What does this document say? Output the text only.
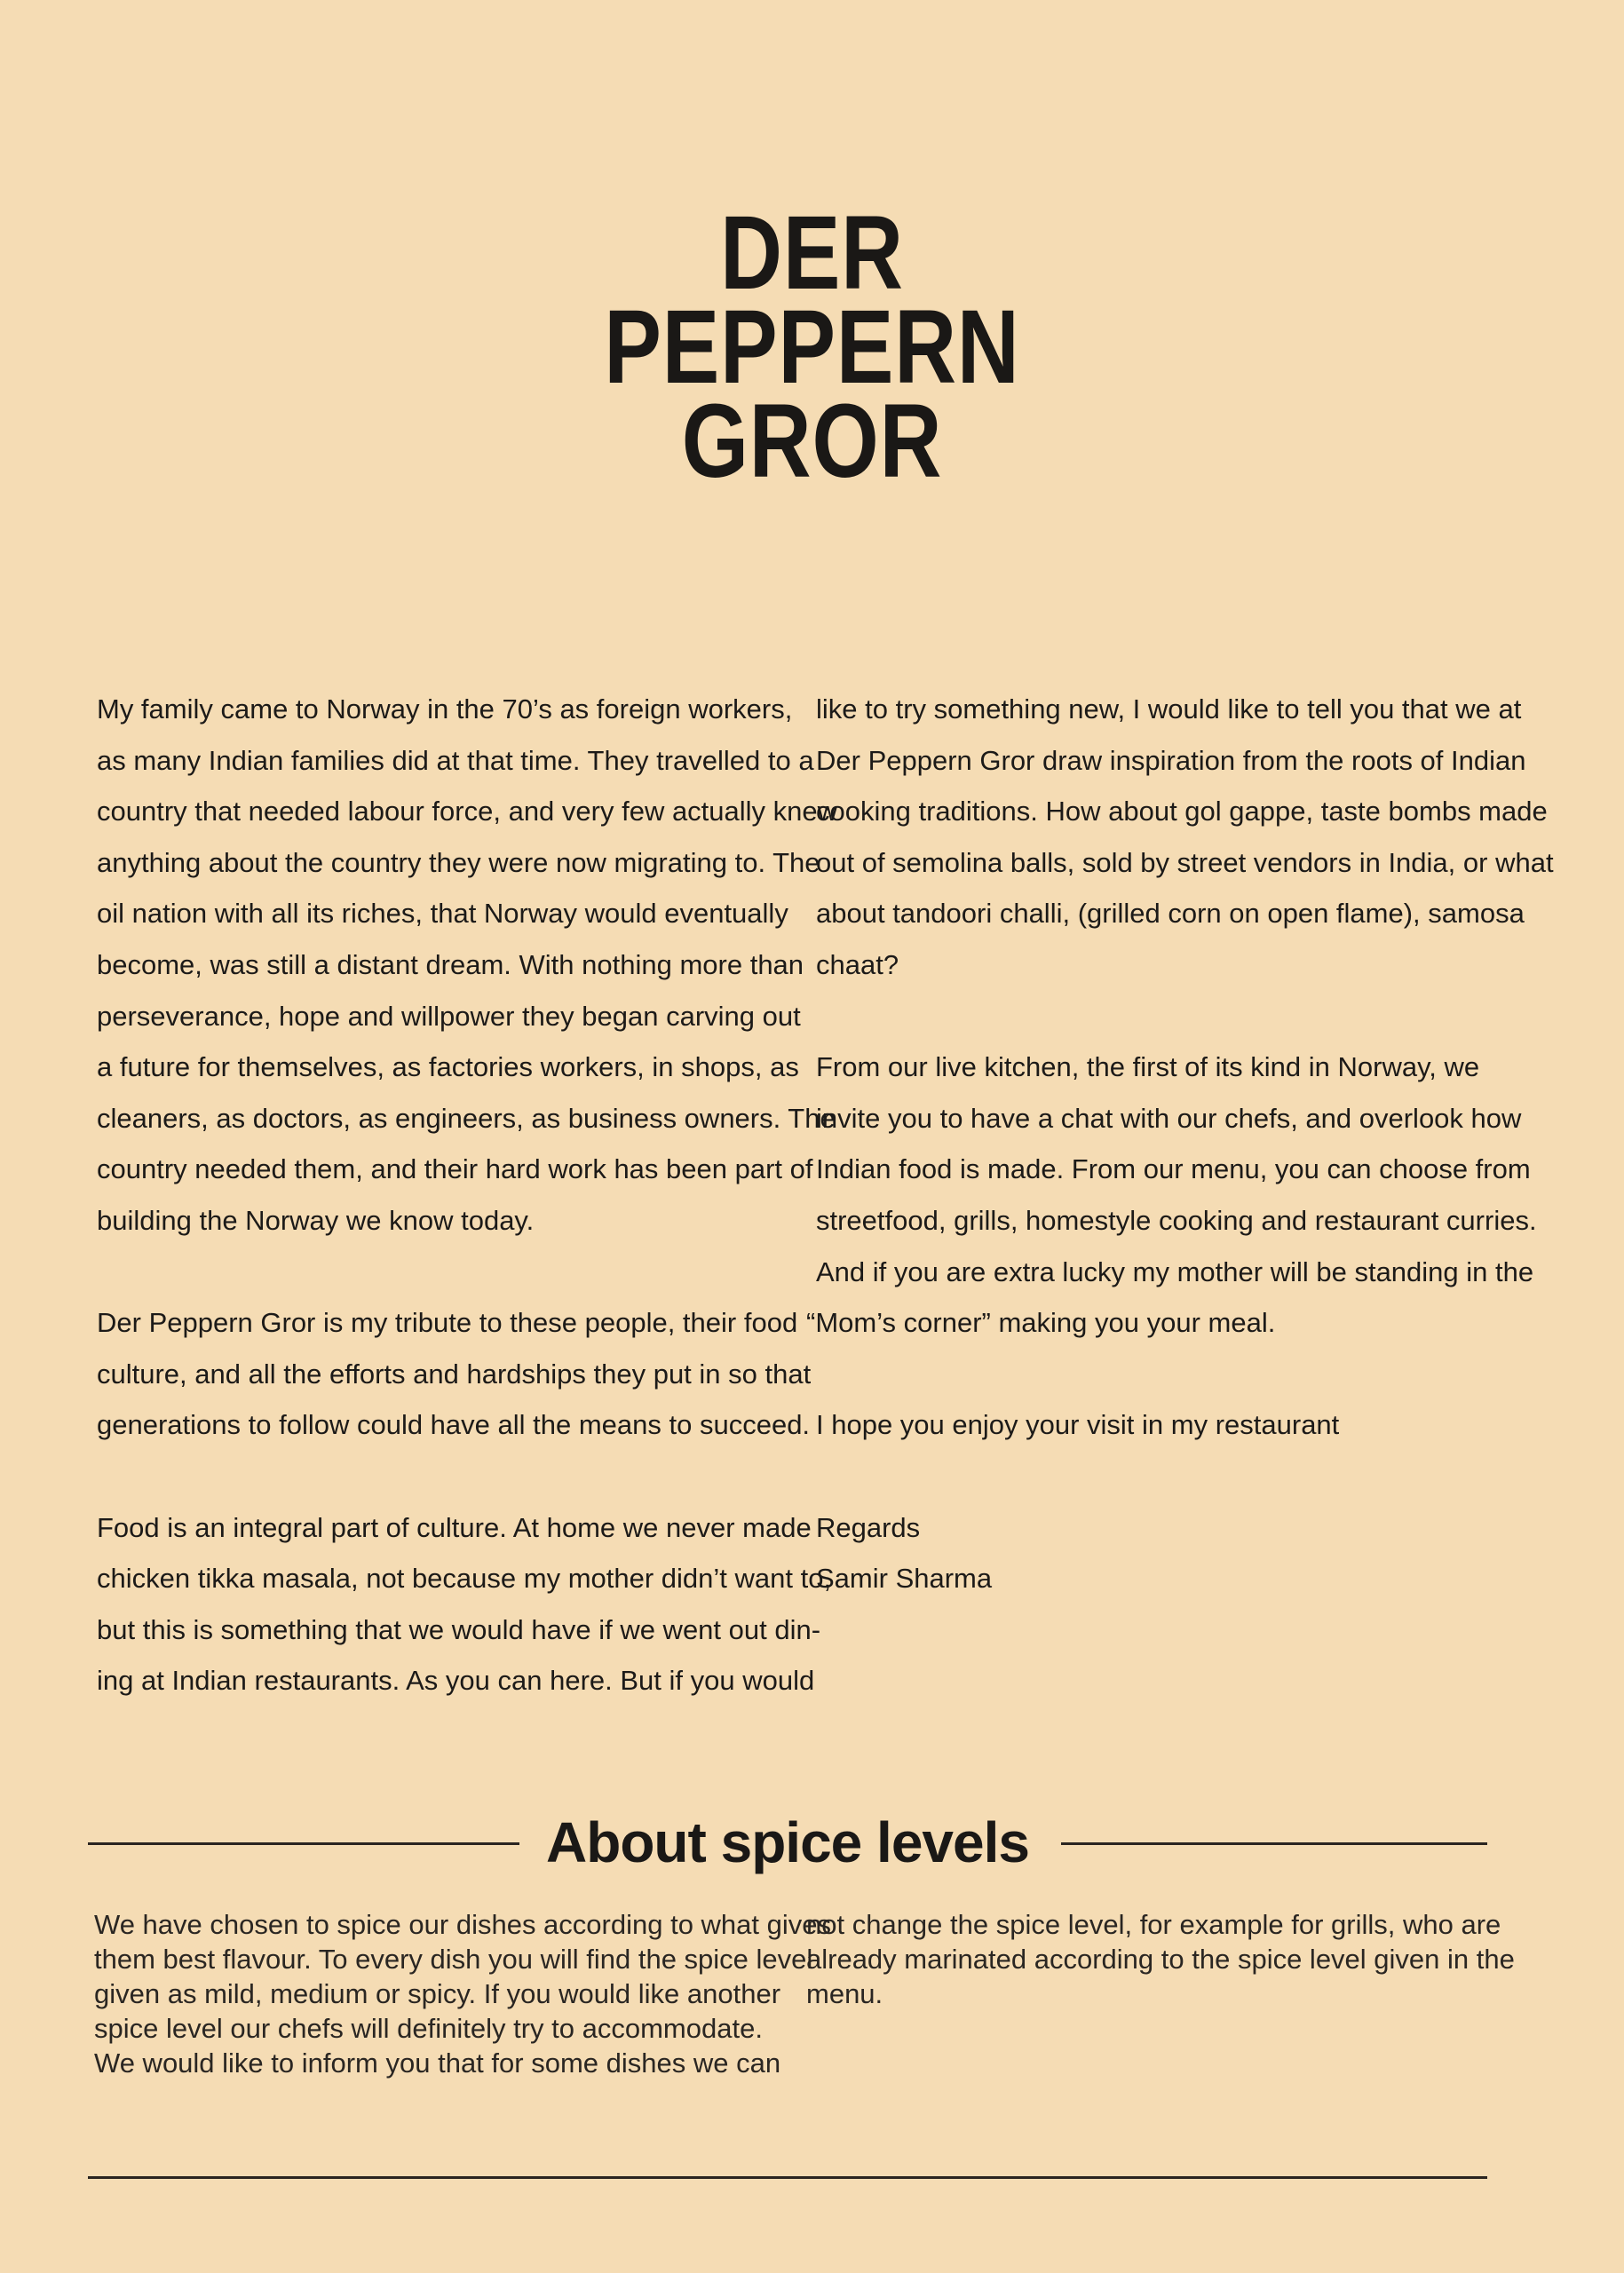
DER
PEPPERN
GROR

My family came to Norway in the 70’s as foreign workers,
as many Indian families did at that time. They travelled to a
country that needed labour force, and very few actually knew
anything about the country they were now migrating to. The
oil nation with all its riches, that Norway would eventually
become, was still a distant dream. With nothing more than
perseverance, hope and willpower they began carving out
a future for themselves, as factories workers, in shops, as
cleaners, as doctors, as engineers, as business owners. The
country needed them, and their hard work has been part of
building the Norway we know today.

Der Peppern Gror is my tribute to these people, their food
culture, and all the efforts and hardships they put in so that
generations to follow could have all the means to succeed.

Food is an integral part of culture. At home we never made
chicken tikka masala, not because my mother didn’t want to,
but this is something that we would have if we went out din-
ing at Indian restaurants. As you can here. But if you would

like to try something new, I would like to tell you that we at
Der Peppern Gror draw inspiration from the roots of Indian
cooking traditions. How about gol gappe, taste bombs made
out of semolina balls, sold by street vendors in India, or what
about tandoori challi, (grilled corn on open flame), samosa
chaat?

From our live kitchen, the first of its kind in Norway, we
invite you to have a chat with our chefs, and overlook how
Indian food is made. From our menu, you can choose from
streetfood, grills, homestyle cooking and restaurant curries.
And if you are extra lucky my mother will be standing in the
“Mom’s corner” making you your meal.

I hope you enjoy your visit in my restaurant

Regards
Samir Sharma

About spice levels
We have chosen to spice our dishes according to what gives
them best flavour. To every dish you will find the spice level
given as mild, medium or spicy. If you would like another
spice level our chefs will definitely try to accommodate.
We would like to inform you that for some dishes we can
not change the spice level, for example for grills, who are
already marinated according to the spice level given in the
menu.
